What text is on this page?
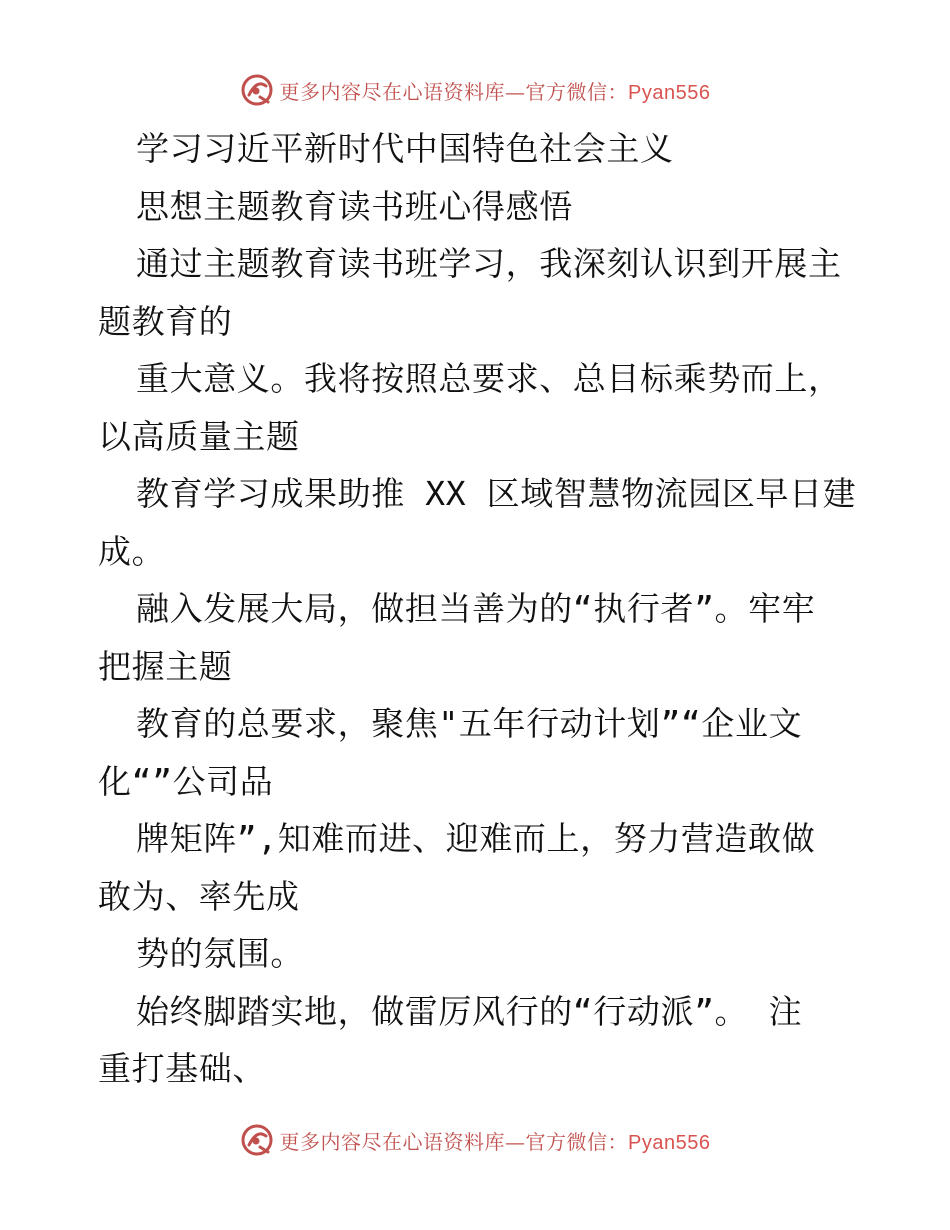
更多内容尽在心语资料库—官方微信：Pyan556
学习习近平新时代中国特色社会主义
思想主题教育读书班心得感悟
通过主题教育读书班学习，我深刻认识到开展主
题教育的
重大意义。我将按照总要求、总目标乘势而上，
以高质量主题
教育学习成果助推 XX 区域智慧物流园区早日建
成。
融入发展大局，做担当善为的“执行者”。牢牢
把握主题
教育的总要求，聚焦"五年行动计划”“企业文
化“”公司品
牌矩阵”,知难而进、迎难而上，努力营造敢做
敢为、率先成
势的氛围。
始终脚踏实地，做雷厉风行的“行动派”。 注
重打基础、
更多内容尽在心语资料库—官方微信：Pyan556
